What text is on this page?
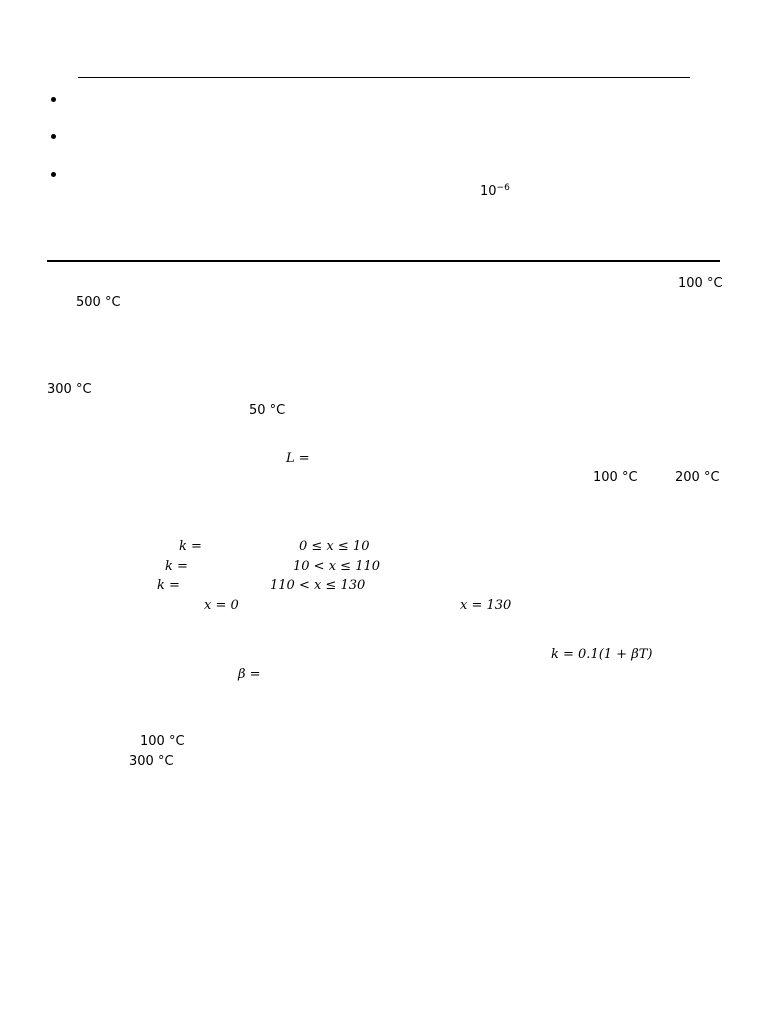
$10^{-6}$
100 °C
500 °C
300 °C
50 °C
L =
100 °C	200 °C
k =	0 ≤ x ≤ 10
k =	10 < x ≤ 110
k =	110 < x ≤ 130
x = 0	x = 130
k = 0.1(1 + βT)
β =
100 °C
300 °C
